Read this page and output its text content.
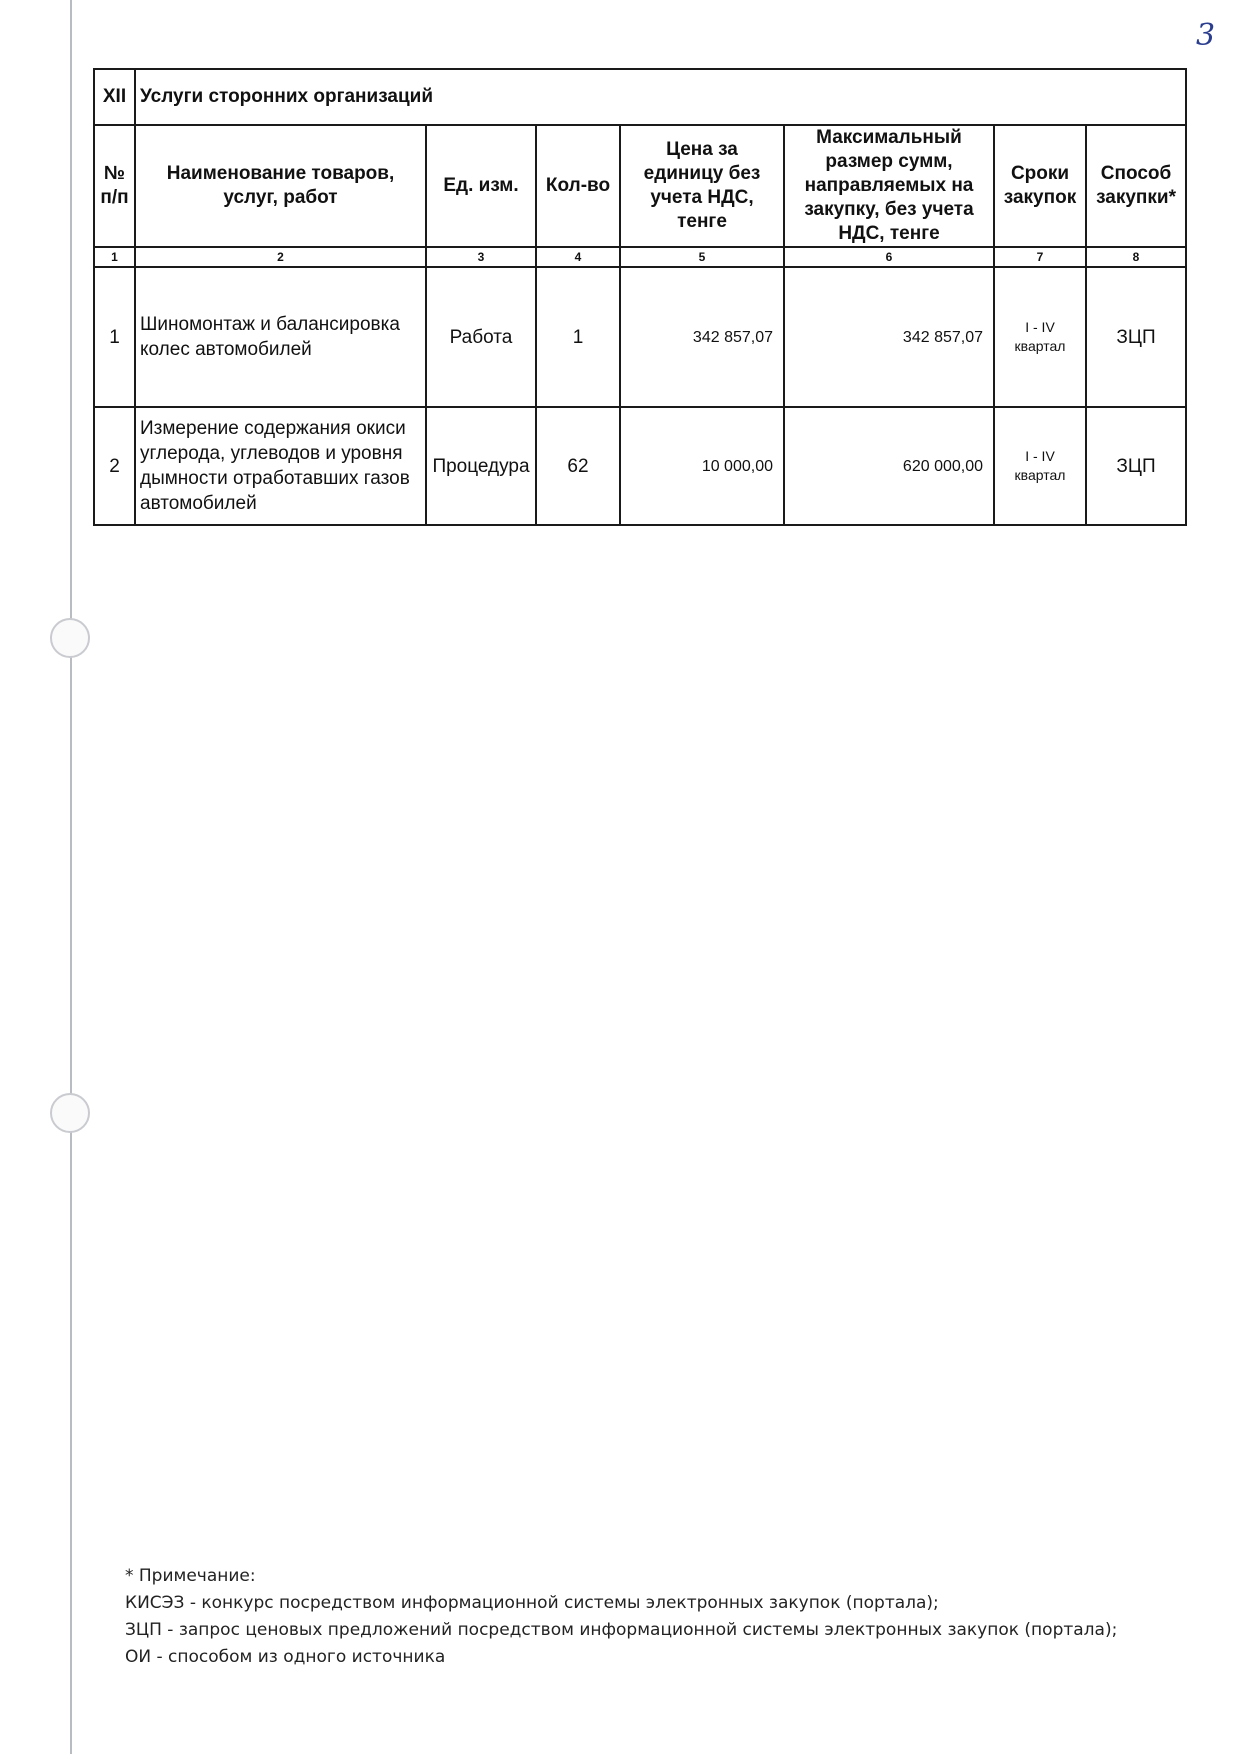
3
XII	Услуги сторонних организаций						
№ п/п	Наименование товаров, услуг, работ	Ед. изм.	Кол-во	Цена за единицу без учета НДС, тенге	Максимальный размер сумм, направляемых на закупку, без учета НДС, тенге	Сроки закупок	Способ закупки*
1	2	3	4	5	6	7	8
1	Шиномонтаж и балансировка колес автомобилей	Работа	1	342 857,07	342 857,07	I - IV квартал	ЗЦП
2	Измерение содержания окиси углерода, углеводов и уровня дымности отработавших газов автомобилей	Процедура	62	10 000,00	620 000,00	I - IV квартал	ЗЦП
* Примечание:
КИСЭЗ - конкурс посредством информационной системы электронных закупок (портала);
ЗЦП - запрос ценовых предложений посредством информационной системы электронных закупок (портала);
ОИ - способом из одного источника
